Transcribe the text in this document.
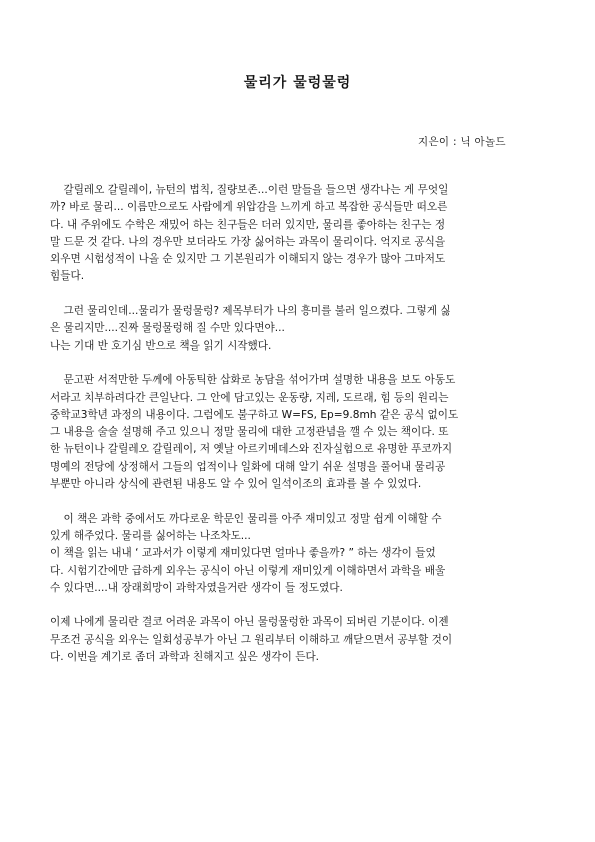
물리가 물렁물렁
지은이 : 닉 아놀드
갈릴레오 갈릴레이, 뉴턴의 법칙, 질량보존...이런 말들을 들으면 생각나는 게 무엇일
까? 바로 물리... 이름만으로도 사람에게 위압감을 느끼게 하고 복잡한 공식들만 떠오른
다. 내 주위에도 수학은 재밌어 하는 친구들은 더러 있지만, 물리를 좋아하는 친구는 정
말 드문 것 같다. 나의 경우만 보더라도 가장 싫어하는 과목이 물리이다. 억지로 공식을
외우면 시험성적이 나올 순 있지만 그 기본원리가 이해되지 않는 경우가 많아 그마저도
힘들다.
그런 물리인데...물리가 물렁물렁? 제목부터가 나의 흥미를 불러 일으켰다. 그렇게 싫
은 물리지만....진짜 물렁물렁해 질 수만 있다면야...
나는 기대 반 호기심 반으로 책을 읽기 시작했다.
문고판 서적만한 두께에 아동틱한 삽화로 농담을 섞어가며 설명한 내용을 보도 아동도
서라고 치부하려다간 큰일난다. 그 안에 담고있는 운동량, 지레, 도르래, 힘 등의 원리는
중학교3학년 과정의 내용이다. 그럼에도 불구하고 W=FS, Ep=9.8mh 같은 공식 없이도
그 내용을 술술 설명해 주고 있으니 정말 물리에 대한 고정관념을 깰 수 있는 책이다. 또
한 뉴턴이나 갈릴레오 갈릴레이, 저 옛날 아르키메데스와 진자실험으로 유명한 푸코까지
명예의 전당에 상정해서 그들의 업적이나 일화에 대해 알기 쉬운 설명을 풀어내 물리공
부뿐만 아니라 상식에 관련된 내용도 알 수 있어 일석이조의 효과를 볼 수 있었다.
이 책은 과학 중에서도 까다로운 학문인 물리를 아주 재미있고 정말 쉽게 이해할 수
있게 해주었다. 물리를 싫어하는 나조차도...
이 책을 읽는 내내 ‘ 교과서가 이렇게 재미있다면 얼마나 좋을까? ” 하는 생각이 들었
다. 시험기간에만 급하게 외우는 공식이 아닌 이렇게 재미있게 이해하면서 과학을 배울
수 있다면....내 장래희망이 과학자였을거란 생각이 들 정도였다.
이제 나에게 물리란 결코 어려운 과목이 아닌 물렁물렁한 과목이 되버린 기분이다. 이젠
무조건 공식을 외우는 일회성공부가 아닌 그 원리부터 이해하고 깨닫으면서 공부할 것이
다. 이번을 계기로 좀더 과학과 친해지고 싶은 생각이 든다.
